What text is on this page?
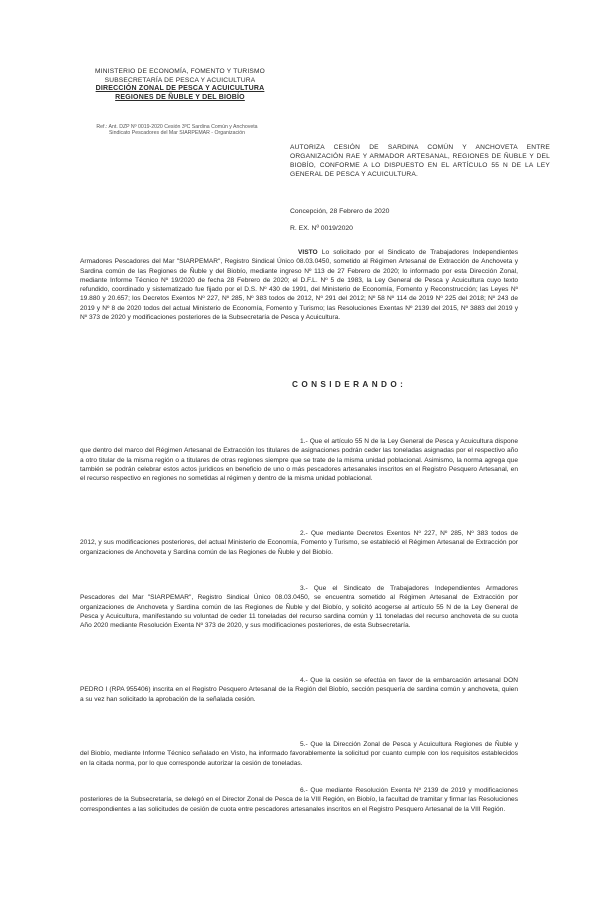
MINISTERIO DE ECONOMÍA, FOMENTO Y TURISMO
SUBSECRETARÍA DE PESCA Y ACUICULTURA
DIRECCIÓN ZONAL DE PESCA Y ACUICULTURA
REGIONES DE ÑUBLE Y DEL BIOBÍO
Ref.: Ant. DZP Nº 0019-2020 Cesión 3ºC Sardina Común y Anchoveta
Sindicato Pescadores del Mar SIARPEMAR - Organización
AUTORIZA CESIÓN DE SARDINA COMÚN Y ANCHOVETA ENTRE ORGANIZACIÓN RAE Y ARMADOR ARTESANAL, REGIONES DE ÑUBLE Y DEL BIOBÍO, CONFORME A LO DISPUESTO EN EL ARTÍCULO 55 N DE LA LEY GENERAL DE PESCA Y ACUICULTURA.
Concepción, 28 Febrero de 2020
R. EX. Nº 0019/2020
VISTO Lo solicitado por el Sindicato de Trabajadores Independientes Armadores Pescadores del Mar "SIARPEMAR", Registro Sindical Único 08.03.0450, sometido al Régimen Artesanal de Extracción de Anchoveta y Sardina común de las Regiones de Ñuble y del Biobío, mediante ingreso Nº 113 de 27 Febrero de 2020; lo informado por esta Dirección Zonal, mediante Informe Técnico Nº 19/2020 de fecha 28 Febrero de 2020; el D.F.L. Nº 5 de 1983, la Ley General de Pesca y Acuicultura cuyo texto refundido, coordinado y sistematizado fue fijado por el D.S. Nº 430 de 1991, del Ministerio de Economía, Fomento y Reconstrucción; las Leyes Nº 19.880 y 20.657; los Decretos Exentos Nº 227, Nº 285, Nº 383 todos de 2012, Nº 291 del 2012; Nº 58 Nº 114 de 2019 Nº 225 del 2018; Nº 243 de 2019 y Nº 8 de 2020 todos del actual Ministerio de Economía, Fomento y Turismo; las Resoluciones Exentas Nº 2139 del 2015, Nº 3883 del 2019 y Nº 373 de 2020 y modificaciones posteriores de la Subsecretaría de Pesca y Acuicultura.
CONSIDERANDO:
1.- Que el artículo 55 N de la Ley General de Pesca y Acuicultura dispone que dentro del marco del Régimen Artesanal de Extracción los titulares de asignaciones podrán ceder las toneladas asignadas por el respectivo año a otro titular de la misma región o a titulares de otras regiones siempre que se trate de la misma unidad poblacional. Asimismo, la norma agrega que también se podrán celebrar estos actos jurídicos en beneficio de uno o más pescadores artesanales inscritos en el Registro Pesquero Artesanal, en el recurso respectivo en regiones no sometidas al régimen y dentro de la misma unidad poblacional.
2.- Que mediante Decretos Exentos Nº 227, Nº 285, Nº 383 todos de 2012, y sus modificaciones posteriores, del actual Ministerio de Economía, Fomento y Turismo, se estableció el Régimen Artesanal de Extracción por organizaciones de Anchoveta y Sardina común de las Regiones de Ñuble y del Biobío.
3.- Que el Sindicato de Trabajadores Independientes Armadores Pescadores del Mar "SIARPEMAR", Registro Sindical Único 08.03.0450, se encuentra sometido al Régimen Artesanal de Extracción por organizaciones de Anchoveta y Sardina común de las Regiones de Ñuble y del Biobío, y solicitó acogerse al artículo 55 N de la Ley General de Pesca y Acuicultura, manifestando su voluntad de ceder 11 toneladas del recurso sardina común y 11 toneladas del recurso anchoveta de su cuota Año 2020 mediante Resolución Exenta Nº 373 de 2020, y sus modificaciones posteriores, de esta Subsecretaría.
4.- Que la cesión se efectúa en favor de la embarcación artesanal DON PEDRO I (RPA 955406) inscrita en el Registro Pesquero Artesanal de la Región del Biobío, sección pesquería de sardina común y anchoveta, quien a su vez han solicitado la aprobación de la señalada cesión.
5.- Que la Dirección Zonal de Pesca y Acuicultura Regiones de Ñuble y del Biobío, mediante Informe Técnico señalado en Visto, ha informado favorablemente la solicitud por cuanto cumple con los requisitos establecidos en la citada norma, por lo que corresponde autorizar la cesión de toneladas.
6.- Que mediante Resolución Exenta Nº 2139 de 2019 y modificaciones posteriores de la Subsecretaría, se delegó en el Director Zonal de Pesca de la VIII Región, en Biobío, la facultad de tramitar y firmar las Resoluciones correspondientes a las solicitudes de cesión de cuota entre pescadores artesanales inscritos en el Registro Pesquero Artesanal de la VIII Región.
